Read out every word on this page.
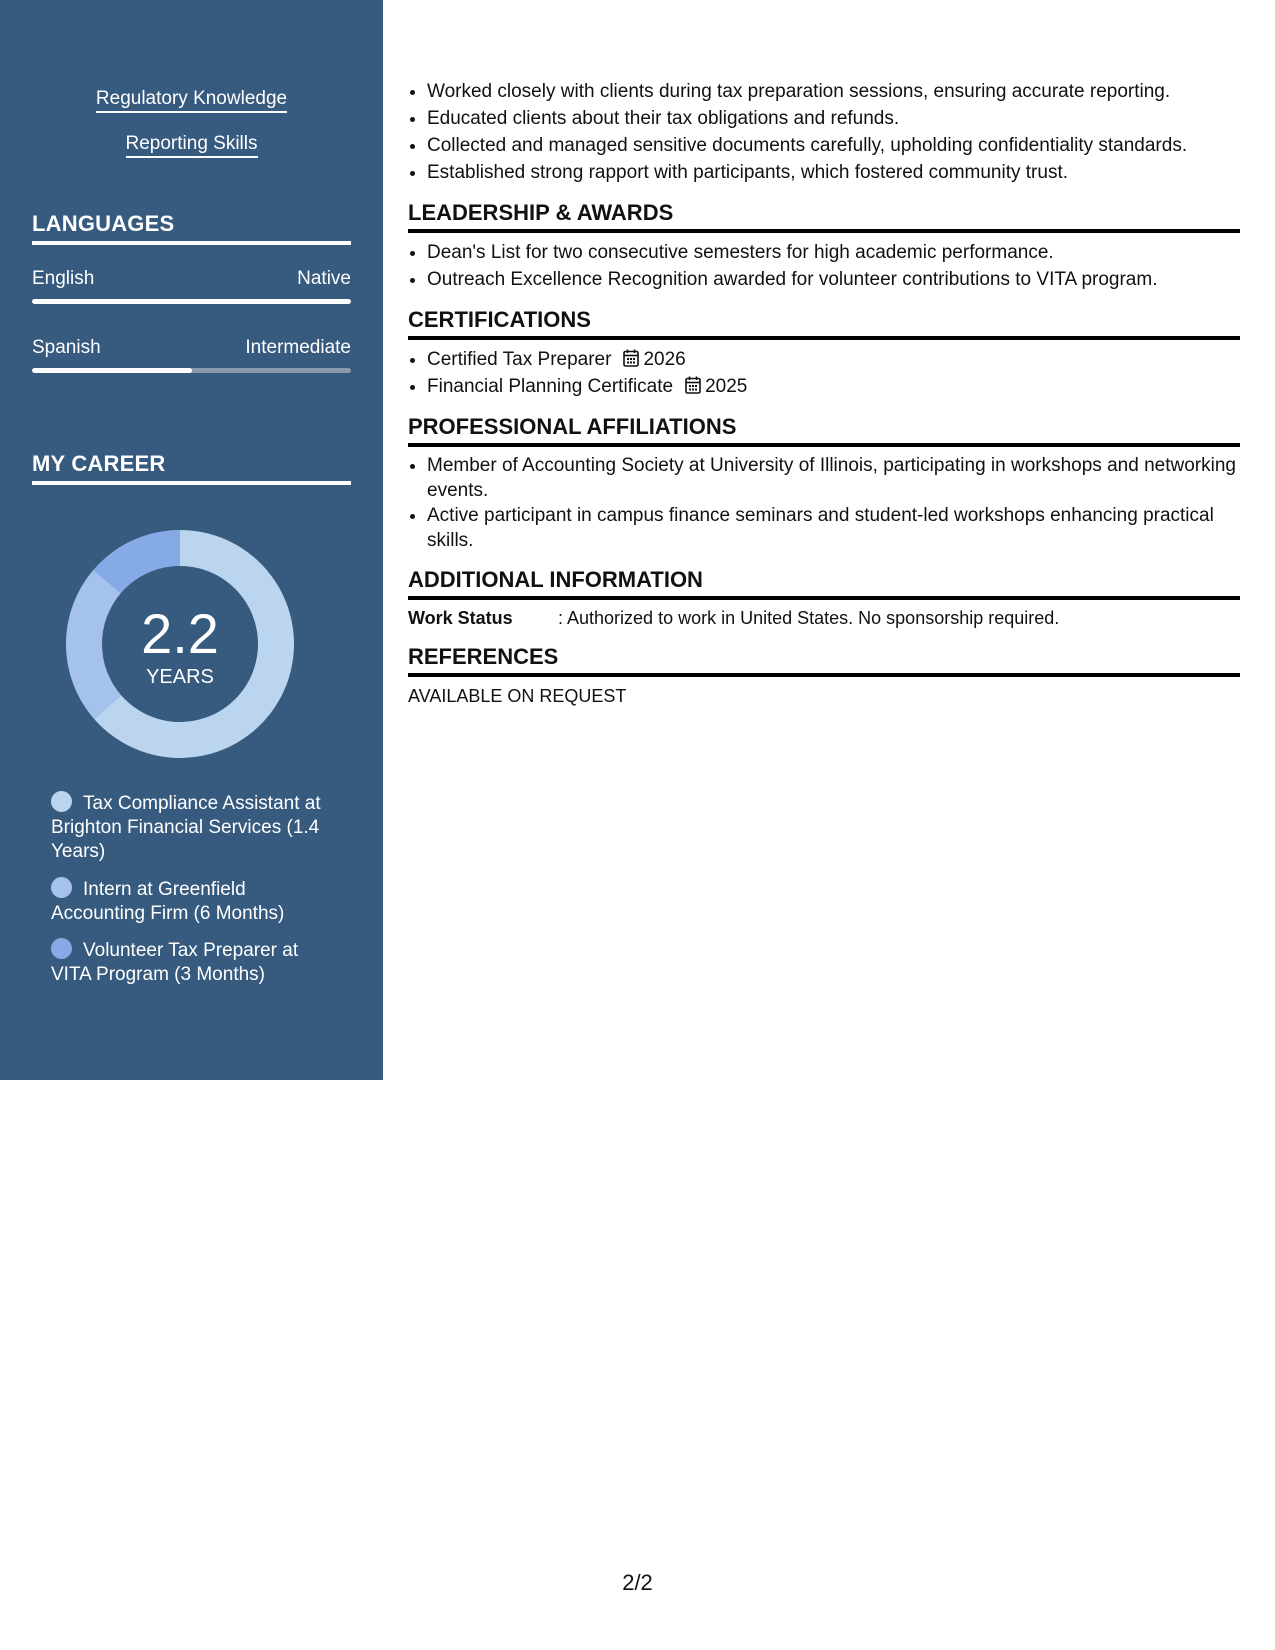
Regulatory Knowledge
Reporting Skills
LANGUAGES
English	Native
Spanish	Intermediate
MY CAREER
2.2
YEARS
Tax Compliance Assistant at Brighton Financial Services (1.4 Years)
Intern at Greenfield Accounting Firm (6 Months)
Volunteer Tax Preparer at VITA Program (3 Months)
• Worked closely with clients during tax preparation sessions, ensuring accurate reporting.
• Educated clients about their tax obligations and refunds.
• Collected and managed sensitive documents carefully, upholding confidentiality standards.
• Established strong rapport with participants, which fostered community trust.
LEADERSHIP & AWARDS
• Dean's List for two consecutive semesters for high academic performance.
• Outreach Excellence Recognition awarded for volunteer contributions to VITA program.
CERTIFICATIONS
• Certified Tax Preparer 2026
• Financial Planning Certificate 2025
PROFESSIONAL AFFILIATIONS
• Member of Accounting Society at University of Illinois, participating in workshops and networking events.
• Active participant in campus finance seminars and student-led workshops enhancing practical skills.
ADDITIONAL INFORMATION
Work Status	: Authorized to work in United States. No sponsorship required.
REFERENCES
AVAILABLE ON REQUEST
2/2
